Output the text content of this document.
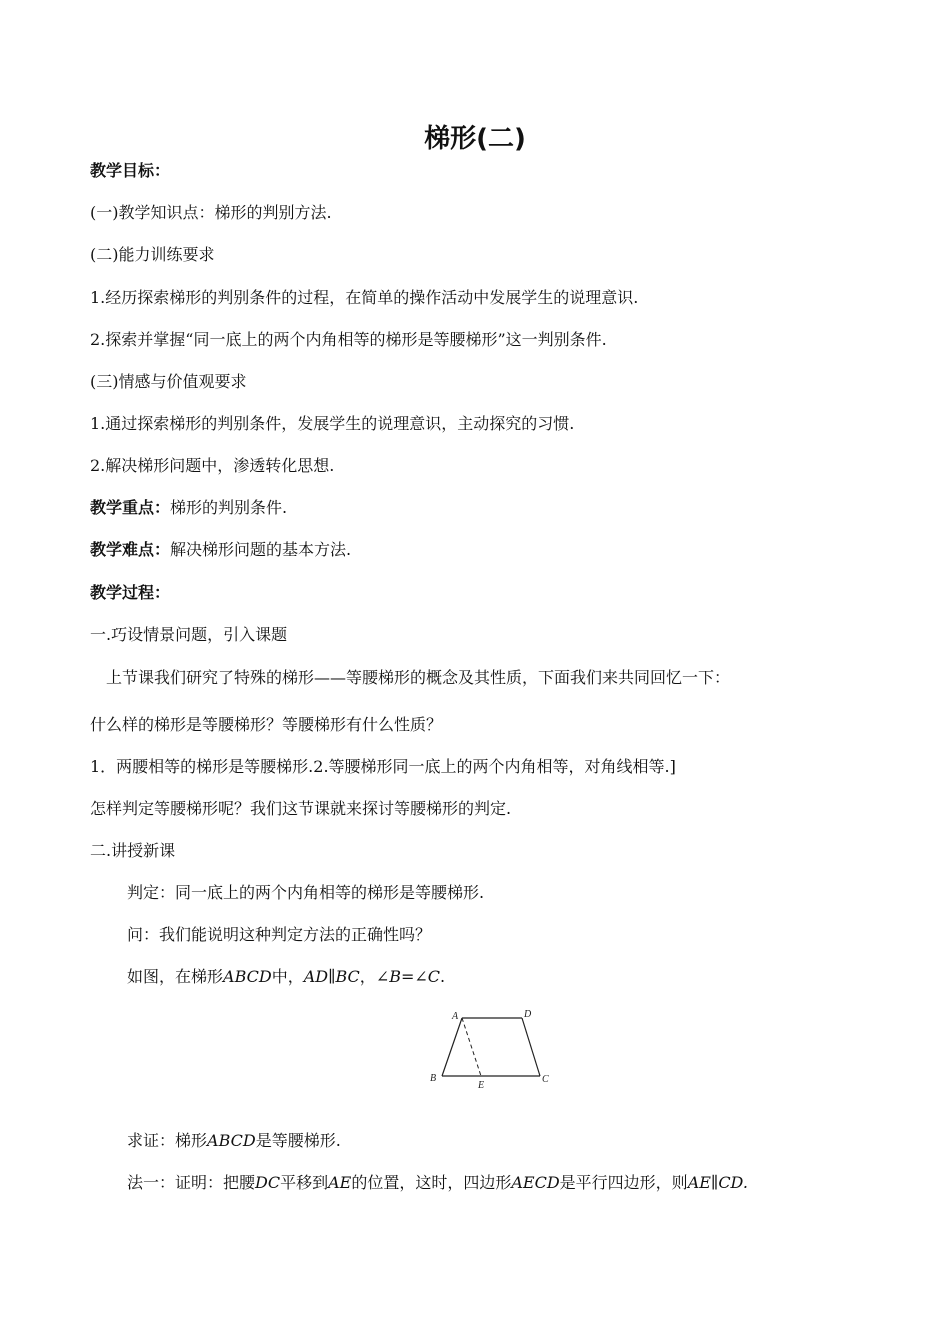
梯形(二)
教学目标：
(一)教学知识点：梯形的判别方法.
(二)能力训练要求
1.经历探索梯形的判别条件的过程，在简单的操作活动中发展学生的说理意识.
2.探索并掌握“同一底上的两个内角相等的梯形是等腰梯形”这一判别条件.
(三)情感与价值观要求
1.通过探索梯形的判别条件，发展学生的说理意识，主动探究的习惯.
2.解决梯形问题中，渗透转化思想.
教学重点：梯形的判别条件.
教学难点：解决梯形问题的基本方法.
教学过程：
一.巧设情景问题，引入课题
上节课我们研究了特殊的梯形——等腰梯形的概念及其性质，下面我们来共同回忆一下：
什么样的梯形是等腰梯形？等腰梯形有什么性质？
1．两腰相等的梯形是等腰梯形.2.等腰梯形同一底上的两个内角相等，对角线相等.]
怎样判定等腰梯形呢？我们这节课就来探讨等腰梯形的判定.
二.讲授新课
判定：同一底上的两个内角相等的梯形是等腰梯形.
问：我们能说明这种判定方法的正确性吗？
如图，在梯形ABCD中，AD∥BC，∠B=∠C.
A	D
B
E
C
求证：梯形ABCD是等腰梯形.
法一：证明：把腰DC平移到AE的位置，这时，四边形AECD是平行四边形，则AE∥CD.
